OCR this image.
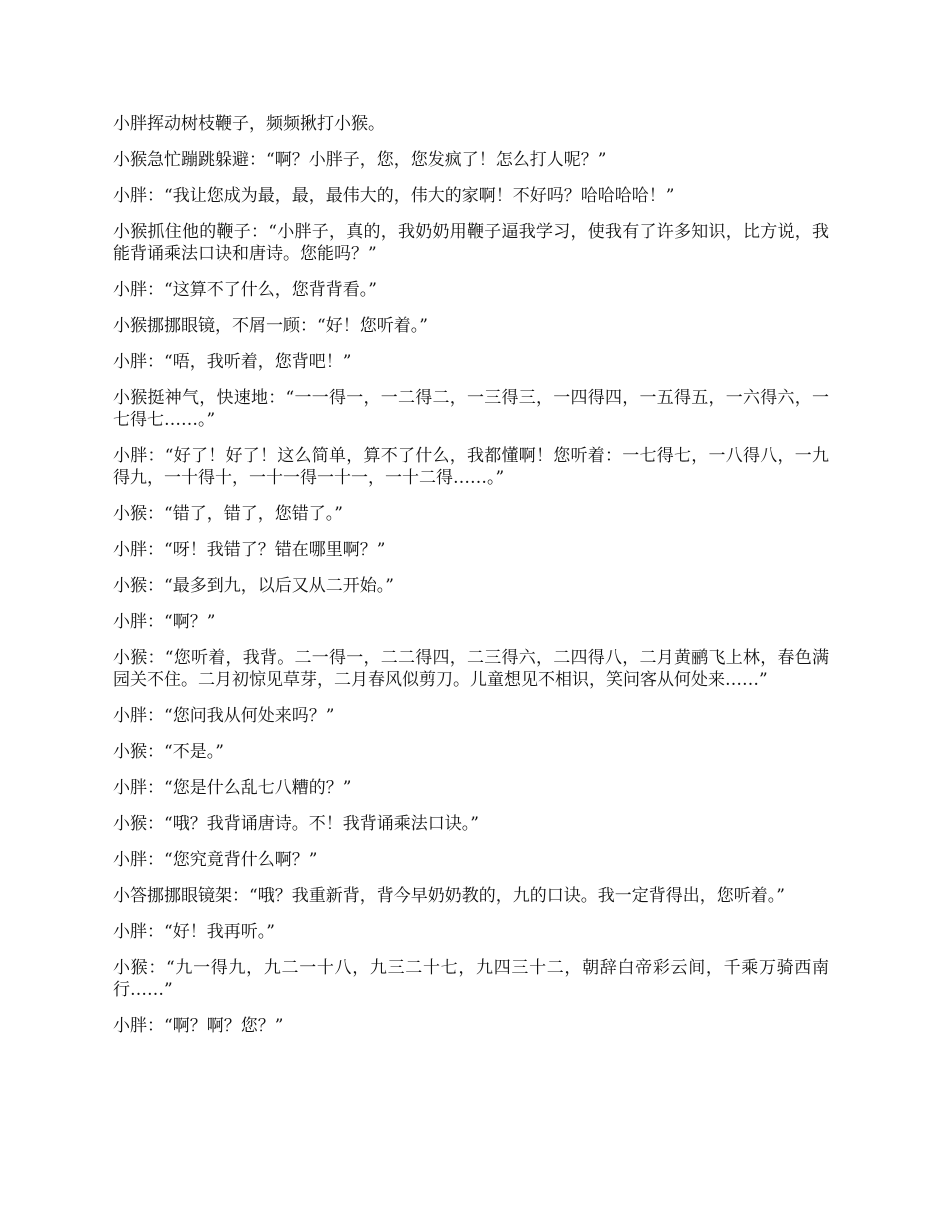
小胖挥动树枝鞭子，频频揪打小猴。

小猴急忙蹦跳躲避：“啊？小胖子，您，您发疯了！怎么打人呢？”

小胖：“我让您成为最，最，最伟大的，伟大的家啊！不好吗？哈哈哈哈！”

小猴抓住他的鞭子：“小胖子，真的，我奶奶用鞭子逼我学习，使我有了许多知识，比方说，我能背诵乘法口诀和唐诗。您能吗？”

小胖：“这算不了什么，您背背看。”

小猴挪挪眼镜，不屑一顾：“好！您听着。”

小胖：“唔，我听着，您背吧！”

小猴挺神气，快速地：“一一得一，一二得二，一三得三，一四得四，一五得五，一六得六，一七得七……。”

小胖：“好了！好了！这么简单，算不了什么，我都懂啊！您听着：一七得七，一八得八，一九得九，一十得十，一十一得一十一，一十二得……。”

小猴：“错了，错了，您错了。”

小胖：“呀！我错了？错在哪里啊？”

小猴：“最多到九，以后又从二开始。”

小胖：“啊？”

小猴：“您听着，我背。二一得一，二二得四，二三得六，二四得八，二月黄鹂飞上林，春色满园关不住。二月初惊见草芽，二月春风似剪刀。儿童想见不相识，笑问客从何处来……”

小胖：“您问我从何处来吗？”

小猴：“不是。”

小胖：“您是什么乱七八糟的？”

小猴：“哦？我背诵唐诗。不！我背诵乘法口诀。”

小胖：“您究竟背什么啊？”

小答挪挪眼镜架：“哦？我重新背，背今早奶奶教的，九的口诀。我一定背得出，您听着。”

小胖：“好！我再听。”

小猴：“九一得九，九二一十八，九三二十七，九四三十二，朝辞白帝彩云间，千乘万骑西南行……”

小胖：“啊？啊？您？”
